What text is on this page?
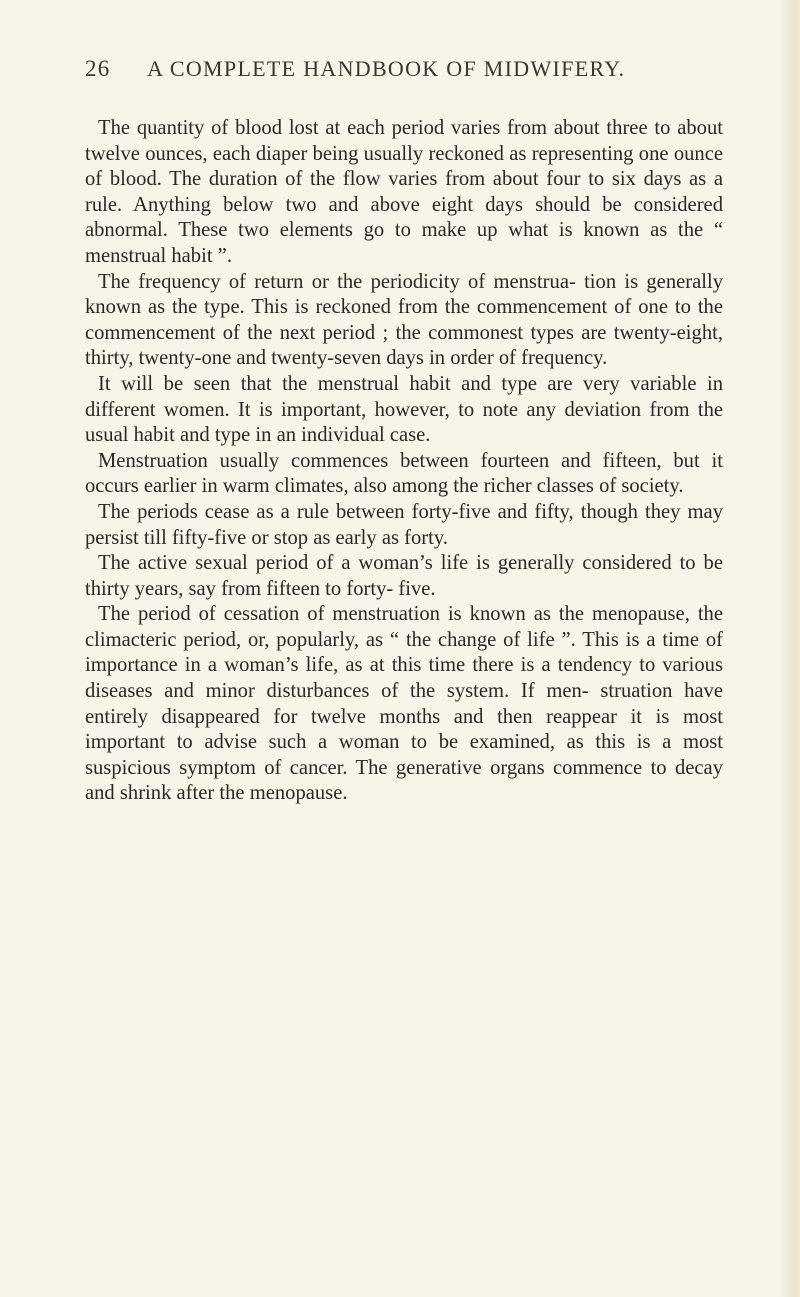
26 A COMPLETE HANDBOOK OF MIDWIFERY.

The quantity of blood lost at each period varies from about three to about twelve ounces, each diaper being usually reckoned as representing one ounce of blood. The duration of the flow varies from about four to six days as a rule. Anything below two and above eight days should be considered abnormal. These two elements go to make up what is known as the “ menstrual habit ”.

The frequency of return or the periodicity of menstrua- tion is generally known as the type. This is reckoned from the commencement of one to the commencement of the next period ; the commonest types are twenty-eight, thirty, twenty-one and twenty-seven days in order of frequency.

It will be seen that the menstrual habit and type are very variable in different women. It is important, however, to note any deviation from the usual habit and type in an individual case.

Menstruation usually commences between fourteen and fifteen, but it occurs earlier in warm climates, also among the richer classes of society.

The periods cease as a rule between forty-five and fifty, though they may persist till fifty-five or stop as early as forty.

The active sexual period of a woman’s life is generally considered to be thirty years, say from fifteen to forty- five.

The period of cessation of menstruation is known as the menopause, the climacteric period, or, popularly, as “ the change of life ”. This is a time of importance in a woman’s life, as at this time there is a tendency to various diseases and minor disturbances of the system. If men- struation have entirely disappeared for twelve months and then reappear it is most important to advise such a woman to be examined, as this is a most suspicious symptom of cancer. The generative organs commence to decay and shrink after the menopause.
